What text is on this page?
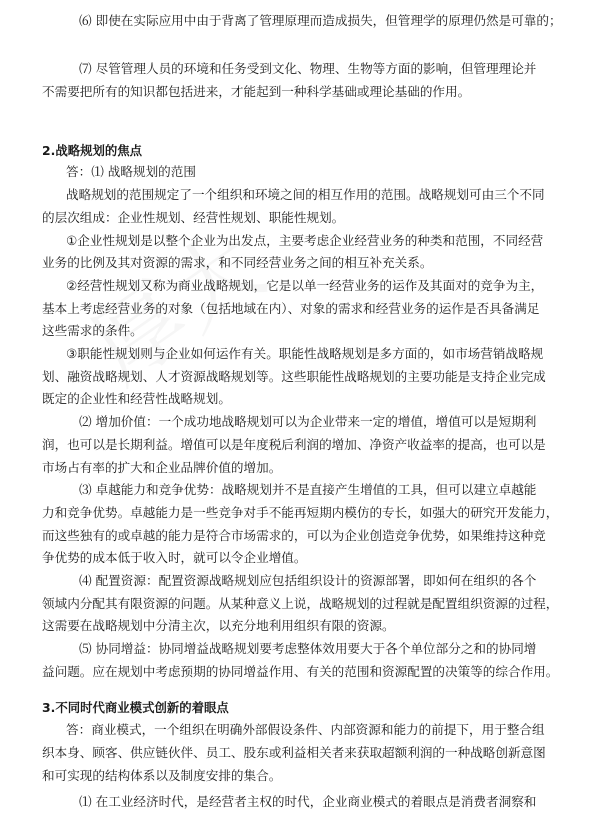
⑹ 即使在实际应用中由于背离了管理原理而造成损失，但管理学的原理仍然是可靠的；
⑺ 尽管管理人员的环境和任务受到文化、物理、生物等方面的影响，但管理理论并
不需要把所有的知识都包括进来，才能起到一种科学基础或理论基础的作用。
2.战略规划的焦点
答：⑴ 战略规划的范围
战略规划的范围规定了一个组织和环境之间的相互作用的范围。战略规划可由三个不同
的层次组成：企业性规划、经营性规划、职能性规划。
①企业性规划是以整个企业为出发点，主要考虑企业经营业务的种类和范围，不同经营
业务的比例及其对资源的需求，和不同经营业务之间的相互补充关系。
②经营性规划又称为商业战略规划，它是以单一经营业务的运作及其面对的竞争为主，
基本上考虑经营业务的对象（包括地域在内）、对象的需求和经营业务的运作是否具备满足
这些需求的条件。
③职能性规划则与企业如何运作有关。职能性战略规划是多方面的，如市场营销战略规
划、融资战略规划、人才资源战略规划等。这些职能性战略规划的主要功能是支持企业完成
既定的企业性和经营性战略规划。
⑵ 增加价值：一个成功地战略规划可以为企业带来一定的增值，增值可以是短期利
润，也可以是长期利益。增值可以是年度税后利润的增加、净资产收益率的提高，也可以是
市场占有率的扩大和企业品牌价值的增加。
⑶ 卓越能力和竞争优势：战略规划并不是直接产生增值的工具，但可以建立卓越能
力和竞争优势。卓越能力是一些竞争对手不能再短期内模仿的专长，如强大的研究开发能力，
而这些独有的或卓越的能力是符合市场需求的，可以为企业创造竞争优势，如果维持这种竞
争优势的成本低于收入时，就可以令企业增值。
⑷ 配置资源：配置资源战略规划应包括组织设计的资源部署，即如何在组织的各个
领域内分配其有限资源的问题。从某种意义上说，战略规划的过程就是配置组织资源的过程，
这需要在战略规划中分清主次，以充分地利用组织有限的资源。
⑸ 协同增益：协同增益战略规划要考虑整体效用要大于各个单位部分之和的协同增
益问题。应在规划中考虑预期的协同增益作用、有关的范围和资源配置的决策等的综合作用。
3.不同时代商业模式创新的着眼点
答：商业模式，一个组织在明确外部假设条件、内部资源和能力的前提下，用于整合组
织本身、顾客、供应链伙伴、员工、股东或利益相关者来获取超额利润的一种战略创新意图
和可实现的结构体系以及制度安排的集合。
⑴ 在工业经济时代，是经营者主权的时代，企业商业模式的着眼点是消费者洞察和
